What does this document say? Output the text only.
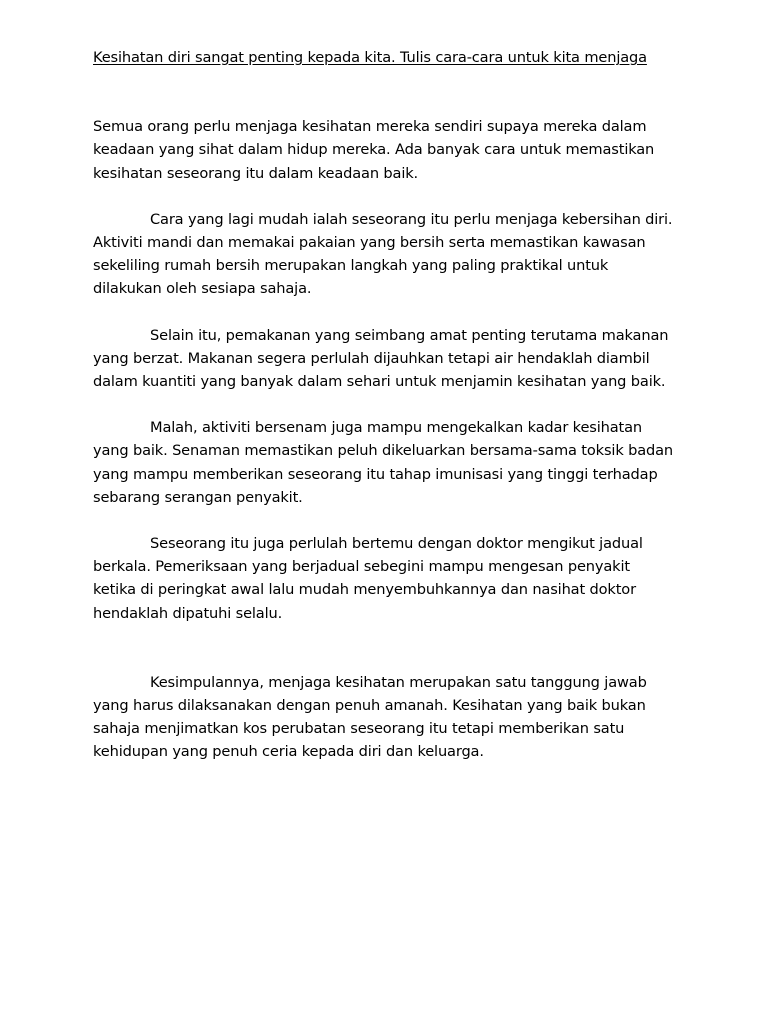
Kesihatan diri sangat penting kepada kita. Tulis cara-cara untuk kita menjaga

Semua orang perlu menjaga kesihatan mereka sendiri supaya mereka dalam keadaan yang sihat dalam hidup mereka. Ada banyak cara untuk memastikan kesihatan seseorang itu dalam keadaan baik.

Cara yang lagi mudah ialah seseorang itu perlu menjaga kebersihan diri. Aktiviti mandi dan memakai pakaian yang bersih serta memastikan kawasan sekeliling rumah bersih merupakan langkah yang paling praktikal untuk dilakukan oleh sesiapa sahaja.

Selain itu, pemakanan yang seimbang amat penting terutama makanan yang berzat. Makanan segera perlulah dijauhkan tetapi air hendaklah diambil dalam kuantiti yang banyak dalam sehari untuk menjamin kesihatan yang baik.

Malah, aktiviti bersenam juga mampu mengekalkan kadar kesihatan yang baik. Senaman memastikan peluh dikeluarkan bersama-sama toksik badan yang mampu memberikan seseorang itu tahap imunisasi yang tinggi terhadap sebarang serangan penyakit.

Seseorang itu juga perlulah bertemu dengan doktor mengikut jadual berkala. Pemeriksaan yang berjadual sebegini mampu mengesan penyakit ketika di peringkat awal lalu mudah menyembuhkannya dan nasihat doktor hendaklah dipatuhi selalu.

Kesimpulannya, menjaga kesihatan merupakan satu tanggung jawab yang harus dilaksanakan dengan penuh amanah. Kesihatan yang baik bukan sahaja menjimatkan kos perubatan seseorang itu tetapi memberikan satu kehidupan yang penuh ceria kepada diri dan keluarga.
